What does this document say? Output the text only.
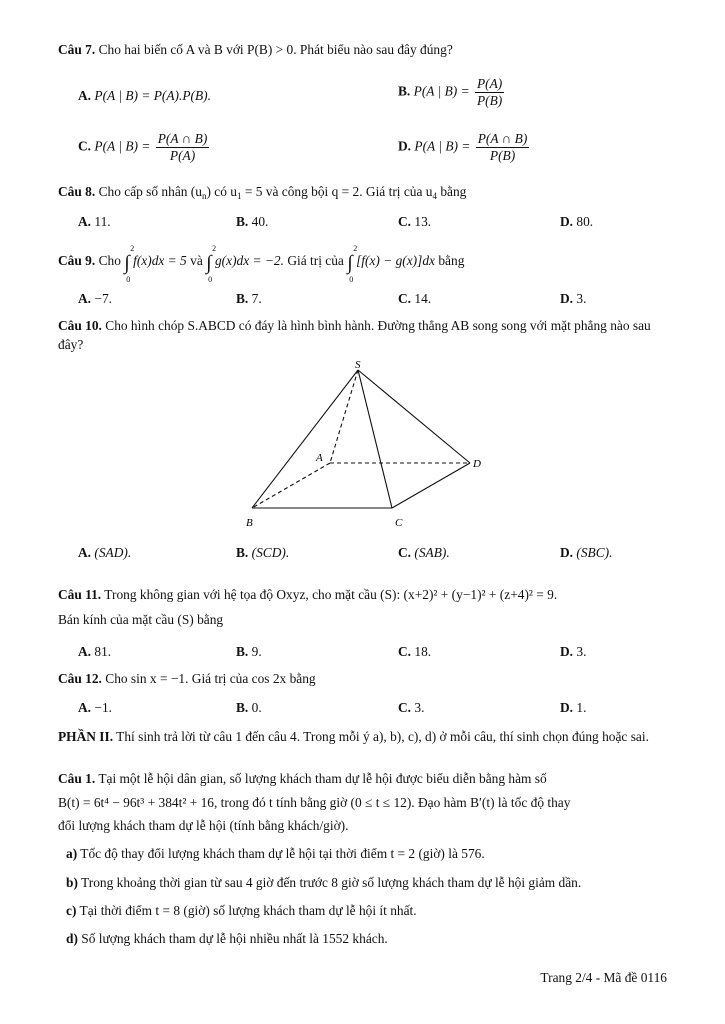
Câu 7. Cho hai biến cố A và B với P(B) > 0. Phát biểu nào sau đây đúng?
A. P(A | B) = P(A).P(B).	B. P(A | $B) = \frac{P(A)}{P(B)}$
C. P(A | $B) = \frac{P(A \cap B)}{P(A)}$	D. P(A | $B) = \frac{P(A \cap B)}{P(B)}$
Câu 8. Cho cấp số nhân $(u_n)$ có $u_1 = 5$ và công bội q = 2. Giá trị của $u_4$ bằng
A. 11.	B. 40.	C. 13.	D. 80.
Câu 9. Cho ∫
2
0
f(x)dx = 5 và ∫
2
0
g(x)dx = −2. Giá trị của ∫
2
0
[f(x) − g(x)]dx bằng
A. −7.	B. 7.	C. 14.	D. 3.
Câu 10. Cho hình chóp S.ABCD có đáy là hình bình hành. Đường thẳng AB song song với mặt phẳng nào sau đây?
S
A
B	C
D
A. (SAD).	B. (SCD).	C. (SAB).	D. (SBC).
Câu 11. Trong không gian với hệ tọa độ Oxyz, cho mặt cầu (S): (x+2)² + (y−1)² + (z+4)² = 9.
Bán kính của mặt cầu (S) bằng
A. 81.	B. 9.	C. 18.	D. 3.
Câu 12. Cho sin x = −1. Giá trị của cos 2x bằng
A. −1.	B. 0.	C. 3.	D. 1.
PHẦN II. Thí sinh trả lời từ câu 1 đến câu 4. Trong mỗi ý a), b), c), d) ở mỗi câu, thí sinh chọn đúng hoặc sai.
Câu 1. Tại một lễ hội dân gian, số lượng khách tham dự lễ hội được biểu diễn bằng hàm số
B(t) = 6t⁴ − 96t³ + 384t² + 16, trong đó t tính bằng giờ (0 ≤ t ≤ 12). Đạo hàm B′(t) là tốc độ thay
đổi lượng khách tham dự lễ hội (tính bằng khách/giờ).
a) Tốc độ thay đổi lượng khách tham dự lễ hội tại thời điểm t = 2 (giờ) là 576.
b) Trong khoảng thời gian từ sau 4 giờ đến trước 8 giờ số lượng khách tham dự lễ hội giảm dần.
c) Tại thời điểm t = 8 (giờ) số lượng khách tham dự lễ hội ít nhất.
d) Số lượng khách tham dự lễ hội nhiều nhất là 1552 khách.
Trang 2/4 - Mã đề 0116
